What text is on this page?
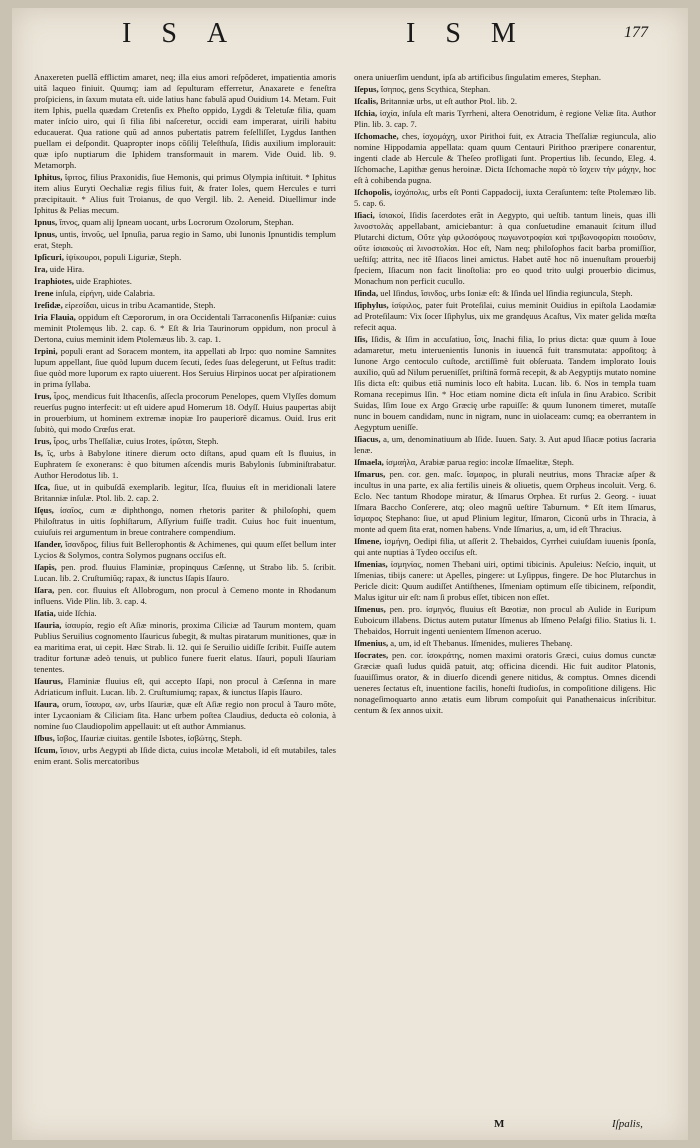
ISA	ISM	177

Anaxereten puellā efflictim amaret, neq; illa eius amori reſpōderet, impatientia amoris uitā laqueo finiuit. Quumq; iam ad ſepulturam efferretur, Anaxarete e feneſtra proſpiciens, in ſaxum mutata eſt. uide latius hanc fabulā apud Ouidium 14. Metam. Fuit item Iphis, puella quædam Cretenſis ex Pheſto oppido, Lygdi & Teletuſæ filia, quam mater inſcio uiro, qui ſi filia ſibi naſceretur, occidi eam imperarat, uirili habitu educauerat. Qua ratione quū ad annos pubertatis patrem feſelliſſet, Lygdus Ianthen puellam ei deſpondit. Quapropter inops cōſilij Teleſthuſa, Iſidis auxilium implorauit: quæ ipſo nuptiarum die Iphidem transformauit in marem. Vide Ouid. lib. 9. Metamorph.

Iphitus, ἴφιτος, filius Praxonidis, ſiue Hemonis, qui primus Olympia inſtituit. * Iphitus item alius Euryti Oechaliæ regis filius fuit, & frater Ioles, quem Hercules e turri præcipitauit. * Alius fuit Troianus, de quo Vergil. lib. 2. Aeneid. Diuellimur inde Iphitus & Pelias mecum.

Ipnus, ἴπνος, quam alij Ipneam uocant, urbs Locrorum Ozolorum, Stephan.

Ipnus, untis, ἰπνοῦς, uel Ipnuſia, parua regio in Samo, ubi Iunonis Ipnuntidis templum erat, Steph.

Ipſicuri, ἰψίκουροι, populi Liguriæ, Steph.

Ira, uide Hira.

Iraphiotes, uide Eraphiotes.

Irene inſula, εἰρήνη, uide Calabria.

Ireſidæ, εἰρεσίδαι, uicus in tribu Acamantide, Steph.

Iria Flauia, oppidum eſt Cæpororum, in ora Occidentali Tarraconenſis Hiſpaniæ: cuius meminit Ptolemęus lib. 2. cap. 6. * Eſt & Iria Taurinorum oppidum, non procul à Dertona, cuius meminit idem Ptolemæus lib. 3. cap. 1.

Irpini, populi erant ad Soracem montem, ita appellati ab Irpo: quo nomine Samnites lupum appellant, ſiue quòd lupum ducem ſecuti, ſedes ſuas delegerunt, ut Feſtus tradit: ſiue quòd more luporum ex rapto uiuerent. Hos Seruius Hirpinos uocat per aſpirationem in prima ſyllaba.

Irus, ἶρος, mendicus fuit Ithacenſis, aſſecla procorum Penelopes, quem Vlyſſes domum reuerſus pugno interfecit: ut eſt uidere apud Homerum 18. Odyſſ. Huius paupertas abijt in prouerbium, ut hominem extremæ inopiæ Iro pauperiorē dicamus. Ouid. Irus erit ſubitò, qui modo Crœſus erat.

Irus, ἶρος, urbs Theſſaliæ, cuius Irotes, ἰρῶται, Steph.

Is, ἴς, urbs à Babylone itinere dierum octo diſtans, apud quam eſt Is fluuius, in Euphratem ſe exonerans: è quo bitumen aſcendis muris Babylonis ſubminiſtrabatur. Author Herodotus lib. 1.

Iſca, ſiue, ut in quibuſdā exemplarib. legitur, Iſca, fluuius eſt in meridionali latere Britanniæ inſulæ. Ptol. lib. 2. cap. 2.

Iſęus, ἰσαῖος, cum æ diphthongo, nomen rhetoris pariter & philoſophi, quem Philoſtratus in uitis ſophiſtarum, Aſſyrium fuiſſe tradit. Cuius hoc fuit inuentum, cuiuſuis rei argumentum in breue contrahere compendium.

Iſander, ἴσανδρος, filius fuit Bellerophontis & Achimenes, qui quum eſſet bellum inter Lycios & Solymos, contra Solymos pugnans occiſus eſt.

Iſapis, pen. prod. fluuius Flaminiæ, propinquus Cæſennę, ut Strabo lib. 5. ſcribit. Lucan. lib. 2. Cruſtumiūq; rapax, & iunctus Iſapis Iſauro.

Iſara, pen. cor. fluuius eſt Allobrogum, non procul à Cemeno monte in Rhodanum influens. Vide Plin. lib. 3. cap. 4.

Iſatia, uide Iſchia.

Iſauria, ἰσαυρία, regio eſt Aſiæ minoris, proxima Ciliciæ ad Taurum montem, quam Publius Seruilius cognomento Iſauricus ſubegit, & multas piratarum munitiones, quæ in ea maritima erat, ui cepit. Hæc Strab. li. 12. qui ſe Seruilio uidiſſe ſcribit. Fuiſſe autem traditur fortunæ adeò tenuis, ut publico funere fuerit elatus. Iſauri, populi Iſauriam tenentes.

Iſaurus, Flaminiæ fluuius eſt, qui accepto Iſapi, non procul à Cæſenna in mare Adriaticum influit. Lucan. lib. 2. Cruſtumiumq; rapax, & iunctus Iſapis Iſauro.

Iſaura, orum, ἴσαυρα, ων, urbs Iſauriæ, quæ eſt Aſiæ regio non procul à Tauro mōte, inter Lycaoniam & Ciliciam ſita. Hanc urbem poſtea Claudius, deducta eò colonia, à nomine ſuo Claudiopolim appellauit: ut eſt author Ammianus.

Iſbus, ἴσβος, Iſauriæ ciuitas. gentile Isbotes, ἰσβώτης, Steph.

Iſcum, ἴσιον, urbs Aegypti ab Iſide dicta, cuius incolæ Metaboli, id eſt mutabiles, tales enim erant. Solis mercatoribus

onera uniuerſim uendunt, ipſa ab artificibus ſingulatim emeres, Stephan.

Iſepus, ἴσηπος, gens Scythica, Stephan.

Iſcalis, Britanniæ urbs, ut eſt author Ptol. lib. 2.

Iſchia, ἰσχία, inſula eſt maris Tyrrheni, altera Oenotridum, è regione Veliæ ſita. Author Plin. lib. 3. cap. 7.

Iſchomache, ches, ἰσχομάχη, uxor Pirithoi fuit, ex Atracia Theſſaliæ regiuncula, alio nomine Hippodamia appellata: quam quum Centauri Pirithoo præripere conarentur, ingenti clade ab Hercule & Theſeo profligati ſunt. Propertius lib. ſecundo, Eleg. 4. Iſchomache, Lapithæ genus heroinæ. Dicta Iſchomache παρὰ τὸ ἴσχειν τὴν μάχην, hoc eſt à cohibenda pugna.

Iſchopolis, ἰσχόπολις, urbs eſt Ponti Cappadocij, iuxta Ceraſuntem: teſte Ptolemæo lib. 5. cap. 6.

Iſiaci, ἰσιακοί, Iſidis ſacerdotes erāt in Aegypto, qui ueſtib. tantum lineis, quas illi λινοστολὰς appellabant, amiciebantur: à qua conſuetudine emanauit ſcitum illud Plutarchi dictum, Οὔτε γὰρ φιλοσόφους πωγωνοτροφίαι καὶ τριβωνοφορίαι ποιοῦσιν, οὔτε ἰσιακοὺς αἱ λινοστολίαι. Hoc eſt, Nam neq; philoſophos facit barba promiſſior, ueſtiſq; attrita, nec itē Iſiacos linei amictus. Habet autē hoc nō inuenuſtam prouerbij ſpeciem, Iſiacum non facit linoſtolia: pro eo quod trito uulgi prouerbio dicimus, Monachum non perficit cucullo.

Iſinda, uel Iſindus, ἴσινδος, urbs Ioniæ eſt: & Iſinda uel Iſindia regiuncula, Steph.

Iſiphylus, ἰσίφιλος, pater fuit Proteſilai, cuius meminit Ouidius in epiſtola Laodamiæ ad Proteſilaum: Vix ſocer Iſiphylus, uix me grandęuus Acaſtus, Vix mater gelida mœſta refecit aqua.

Iſis, Iſidis, & Iſim in accuſatiuo, ἶσις, Inachi filia, Io prius dicta: quæ quum à Ioue adamaretur, metu interuenientis Iunonis in iuuencā fuit transmutata: appoſitoq; à Iunone Argo centoculo cuſtode, arctiſſimè fuit obſeruata. Tandem implorato Iouis auxilio, quū ad Nilum perueniſſet, priſtinā formā recepit, & ab Aegyptijs mutato nomine Iſis dicta eſt: quibus etiā numinis loco eſt habita. Lucan. lib. 6. Nos in templa tuam Romana recepimus Iſin. * Hoc etiam nomine dicta eſt inſula in ſinu Arabico. Scribit Suidas, Iſim Ioue ex Argo Græcię urbe rapuiſſe: & quum Iunonem timeret, mutaſſe nunc in bouem candidam, nunc in nigram, nunc in uiolaceam: cumq; ea oberrantem in Aegyptum ueniſſe.

Iſiacus, a, um, denominatiuum ab Iſide. Iuuen. Saty. 3. Aut apud Iſiacæ potius ſacraria lenæ.

Iſmaela, ἰσμαήλα, Arabiæ parua regio: incolæ Iſmaelitæ, Steph.

Iſmarus, pen. cor. gen. maſc. ἴσμαρος, in plurali neutrius, mons Thraciæ aſper & incultus in una parte, ex alia fertilis uineis & oliuetis, quem Orpheus incoluit. Verg. 6. Eclo. Nec tantum Rhodope miratur, & Iſmarus Orphea. Et rurſus 2. Georg. - iuuat Iſmara Baccho Conſerere, atq; oleo magnū ueſtire Taburnum. * Eſt item Iſmarus, ἴσμαρος Stephano: ſiue, ut apud Plinium legitur, Iſmaron, Ciconū urbs in Thracia, à monte ad quem ſita erat, nomen habens. Vnde Iſmarius, a, um, id eſt Thracius.

Iſmene, ἰσμήνη, Oedipi filia, ut aſſerit 2. Thebaidos, Cyrrhei cuiuſdam iuuenis ſponſa, qui ante nuptias à Tydeo occiſus eſt.

Iſmenias, ἰσμηνίας, nomen Thebani uiri, optimi tibicinis. Apuleius: Neſcio, inquit, ut Iſmenias, tibijs canere: ut Apelles, pingere: ut Lyſippus, fingere. De hoc Plutarchus in Pericle dicit: Quum audiſſet Antiſthenes, Iſmeniam optimum eſſe tibicinem, reſpondit, Malus igitur uir eſt: nam ſi probus eſſet, tibicen non eſſet.

Iſmenus, pen. pro. ἰσμηνός, fluuius eſt Bœotiæ, non procul ab Aulide in Euripum Euboicum illabens. Dictus autem putatur Iſmenus ab Iſmeno Pelaſgi filio. Statius li. 1. Thebaidos, Horruit ingenti uenientem Iſmenon aceruo.

Iſmenius, a, um, id eſt Thebanus. Iſmenides, mulieres Thebanę.

Iſocrates, pen. cor. ἰσοκράτης, nomen maximi oratoris Græci, cuius domus cunctæ Græciæ quaſi ludus quidā patuit, atq; officina dicendi. Hic fuit auditor Platonis, ſuauiſſimus orator, & in diuerſo dicendi genere nitidus, & comptus. Omnes dicendi ueneres ſectatus eſt, inuentione facilis, honeſti ſtudioſus, in compoſitione diligens. Hic nonageſimoquarto anno ætatis eum librum compoſuit qui Panathenaicus inſcribitur. centum & ſex annos uixit.

M	Iſpalis,
